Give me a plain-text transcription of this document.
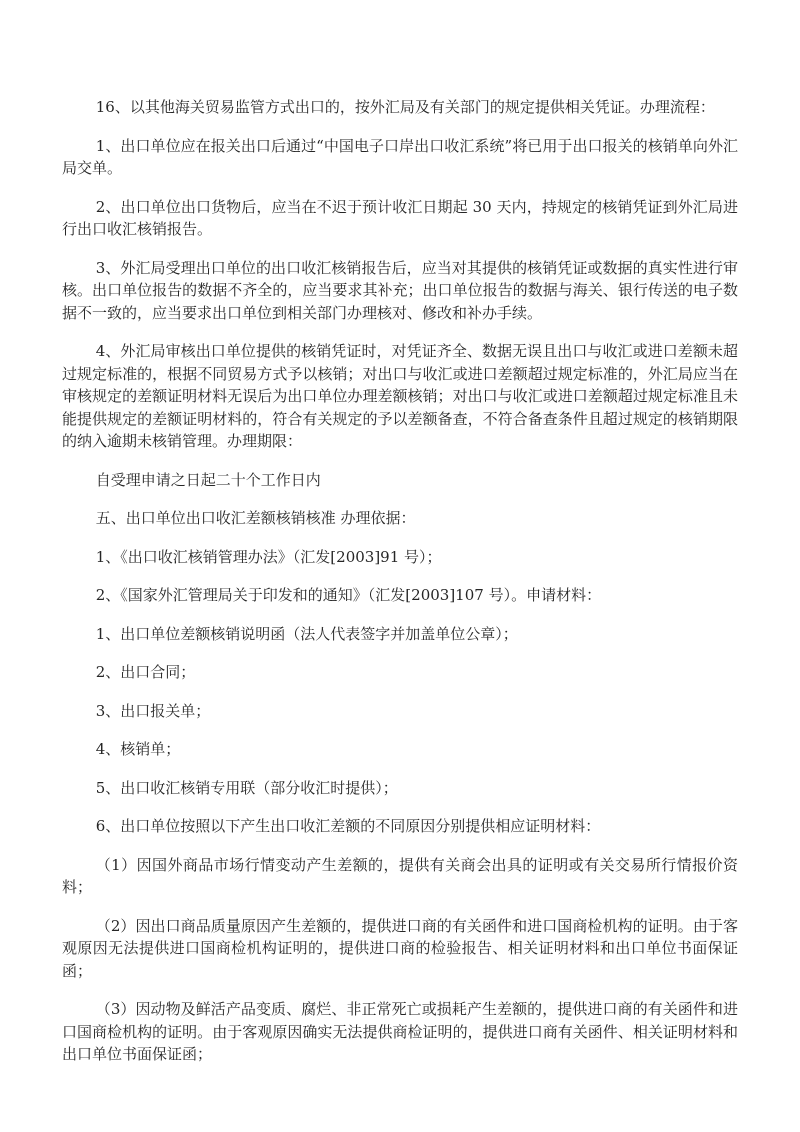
16、以其他海关贸易监管方式出口的，按外汇局及有关部门的规定提供相关凭证。办理流程：

1、出口单位应在报关出口后通过“中国电子口岸出口收汇系统”将已用于出口报关的核销单向外汇局交单。

2、出口单位出口货物后，应当在不迟于预计收汇日期起 30 天内，持规定的核销凭证到外汇局进行出口收汇核销报告。

3、外汇局受理出口单位的出口收汇核销报告后，应当对其提供的核销凭证或数据的真实性进行审核。出口单位报告的数据不齐全的，应当要求其补充；出口单位报告的数据与海关、银行传送的电子数据不一致的，应当要求出口单位到相关部门办理核对、修改和补办手续。

4、外汇局审核出口单位提供的核销凭证时，对凭证齐全、数据无误且出口与收汇或进口差额未超过规定标准的，根据不同贸易方式予以核销；对出口与收汇或进口差额超过规定标准的，外汇局应当在审核规定的差额证明材料无误后为出口单位办理差额核销；对出口与收汇或进口差额超过规定标准且未能提供规定的差额证明材料的，符合有关规定的予以差额备查，不符合备查条件且超过规定的核销期限的纳入逾期未核销管理。办理期限：

自受理申请之日起二十个工作日内

五、出口单位出口收汇差额核销核准 办理依据：

1、《出口收汇核销管理办法》（汇发[2003]91 号）；

2、《国家外汇管理局关于印发和的通知》（汇发[2003]107 号）。申请材料：

1、出口单位差额核销说明函（法人代表签字并加盖单位公章）；

2、出口合同；

3、出口报关单；

4、核销单；

5、出口收汇核销专用联（部分收汇时提供）；

6、出口单位按照以下产生出口收汇差额的不同原因分别提供相应证明材料：

（1）因国外商品市场行情变动产生差额的，提供有关商会出具的证明或有关交易所行情报价资料；

（2）因出口商品质量原因产生差额的，提供进口商的有关函件和进口国商检机构的证明。由于客观原因无法提供进口国商检机构证明的，提供进口商的检验报告、相关证明材料和出口单位书面保证函；

（3）因动物及鲜活产品变质、腐烂、非正常死亡或损耗产生差额的，提供进口商的有关函件和进口国商检机构的证明。由于客观原因确实无法提供商检证明的，提供进口商有关函件、相关证明材料和出口单位书面保证函；
